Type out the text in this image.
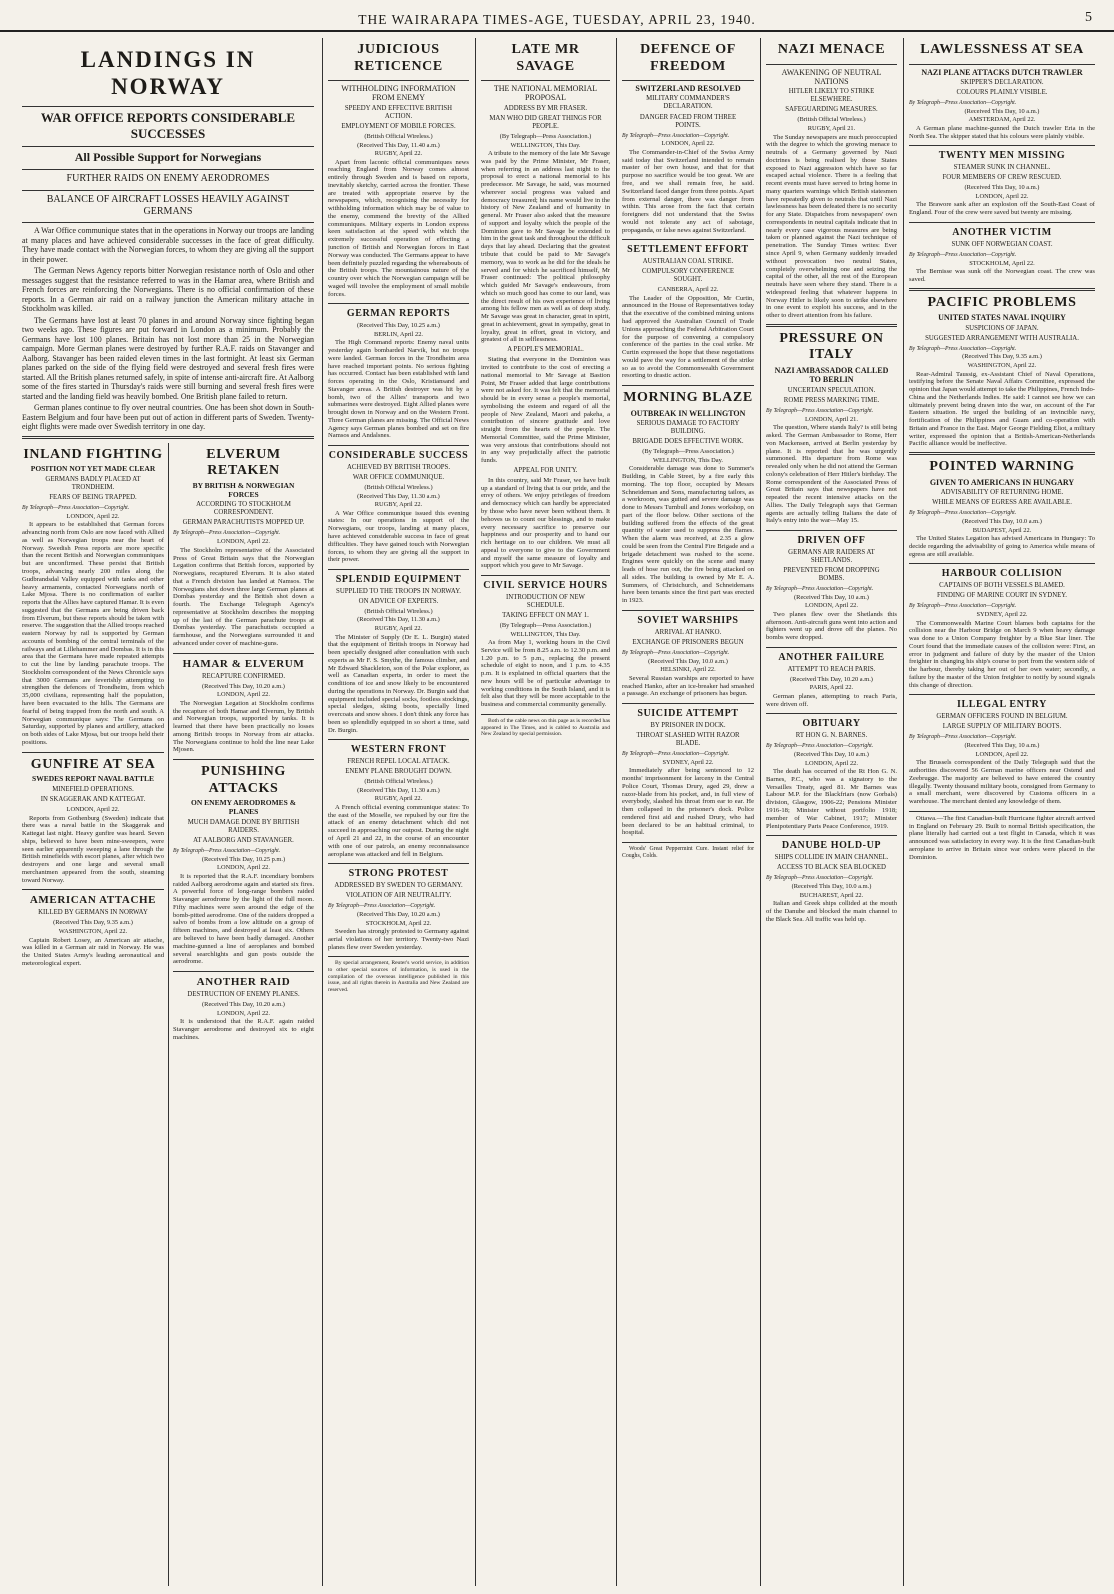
THE WAIRARAPA TIMES-AGE, TUESDAY, APRIL 23, 1940.	5
LANDINGS IN NORWAY
WAR OFFICE REPORTS CONSIDERABLE SUCCESSES
All Possible Support for Norwegians
FURTHER RAIDS ON ENEMY AERODROMES
BALANCE OF AIRCRAFT LOSSES HEAVILY AGAINST GERMANS

A War Office communique states that in the operations in Norway our troops are landing at many places and have achieved considerable successes in the face of great difficulty. They have made contact with the Norwegian forces, to whom they are giving all the support in their power.

The German News Agency reports bitter Norwegian resistance north of Oslo and other messages suggest that the resistance referred to was in the Hamar area, where British and French forces are reinforcing the Norwegians. There is no official confirmation of these reports. In a German air raid on a railway junction the American military attache in Stockholm was killed.

The Germans have lost at least 70 planes in and around Norway since fighting began two weeks ago. These figures are put forward in London as a minimum. Probably the Germans have lost 100 planes. Britain has not lost more than 25 in the Norwegian campaign. More German planes were destroyed by further R.A.F. raids on Stavanger and Aalborg. Stavanger has been raided eleven times in the last fortnight. At least six German planes parked on the side of the flying field were destroyed and several fresh fires were started. All the British planes returned safely, in spite of intense anti-aircraft fire. At Aalborg some of the fires started in Thursday's raids were still burning and several fresh fires were started and the landing field was heavily bombed. One British plane failed to return.

German planes continue to fly over neutral countries. One has been shot down in South-Eastern Belgium and four have been put out of action in different parts of Sweden. Twenty-eight flights were made over Swedish territory in one day.

INLAND FIGHTING
POSITION NOT YET MADE CLEAR
GERMANS BADLY PLACED AT TRONDHEIM.
FEARS OF BEING TRAPPED.
By Telegraph—Press Association—Copyright.
LONDON, April 22.

It appears to be established that German forces advancing north from Oslo are now faced with Allied as well as Norwegian troops near the heart of Norway. Swedish Press reports are more specific than the recent British and Norwegian communiques but are unconfirmed. These persist that British troops, advancing nearly 200 miles along the Gudbrandsdal Valley equipped with tanks and other heavy armaments, contacted Norwegians north of Lake Mjosa. There is no confirmation of earlier reports that the Allies have captured Hamar. It is even suggested that the Germans are being driven back from Elverum, but these reports should be taken with reserve. The suggestion that the Allied troops reached eastern Norway by rail is supported by German accounts of bombing of the central terminals of the railways and at Lillehammer and Dombas. It is in this area that the Germans have made repeated attempts to cut the line by landing parachute troops. The Stockholm correspondent of the News Chronicle says that 3000 Germans are feverishly attempting to strengthen the defences of Trondheim, from which 35,000 civilians, representing half the population, have been evacuated to the hills. The Germans are fearful of being trapped from the north and south. A Norwegian communique says: The Germans on Saturday, supported by planes and artillery, attacked on both sides of Lake Mjosa, but our troops held their positions.

GUNFIRE AT SEA
SWEDES REPORT NAVAL BATTLE
MINEFIELD OPERATIONS.
IN SKAGGERAK AND KATTEGAT.
LONDON, April 22.

Reports from Gothenburg (Sweden) indicate that there was a naval battle in the Skaggerak and Kattegat last night. Heavy gunfire was heard. Seven ships, believed to have been mine-sweepers, were seen earlier apparently sweeping a lane through the British minefields with escort planes, after which two destroyers and one large and several small merchantmen appeared from the south, steaming toward Norway.

AMERICAN ATTACHE
KILLED BY GERMANS IN NORWAY
(Received This Day, 9.35 a.m.)
WASHINGTON, April 22.

Captain Robert Losey, an American air attache, was killed in a German air raid in Norway. He was the United States Army's leading aeronautical and meteorological expert.

ELVERUM RETAKEN
BY BRITISH & NORWEGIAN FORCES
ACCORDING TO STOCKHOLM CORRESPONDENT.
GERMAN PARACHUTISTS MOPPED UP.
By Telegraph—Press Association—Copyright.
LONDON, April 22.

The Stockholm representative of the Associated Press of Great Britain says that the Norwegian Legation confirms that British forces, supported by Norwegians, recaptured Elverum. It is also stated that a French division has landed at Namsos. The Norwegians shot down three large German planes at Dombas yesterday and the British shot down a fourth. The Exchange Telegraph Agency's representative at Stockholm describes the mopping up of the last of the German parachute troops at Dombas yesterday. The parachutists occupied a farmhouse, and the Norwegians surrounded it and advanced under cover of machine-guns.

HAMAR & ELVERUM
RECAPTURE CONFIRMED.
(Received This Day, 10.20 a.m.)
LONDON, April 22.

The Norwegian Legation at Stockholm confirms the recapture of both Hamar and Elverum, by British and Norwegian troops, supported by tanks. It is learned that there have been practically no losses among British troops in Norway from air attacks. The Norwegians continue to hold the line near Lake Mjosen.

PUNISHING ATTACKS
ON ENEMY AERODROMES & PLANES
MUCH DAMAGE DONE BY BRITISH RAIDERS.
AT AALBORG AND STAVANGER.
By Telegraph—Press Association—Copyright.
(Received This Day, 10.25 p.m.)
LONDON, April 22.

It is reported that the R.A.F. incendiary bombers raided Aalborg aerodrome again and started six fires. A powerful force of long-range bombers raided Stavanger aerodrome by the light of the full moon. Fifty machines were seen around the edge of the bomb-pitted aerodrome. One of the raiders dropped a salvo of bombs from a low altitude on a group of fifteen machines, and destroyed at least six. Others are believed to have been badly damaged. Another machine-gunned a line of aeroplanes and bombed several searchlights and gun posts outside the aerodrome.

ANOTHER RAID
DESTRUCTION OF ENEMY PLANES.
(Received This Day, 10.20 a.m.)
LONDON, April 22.

It is understood that the R.A.F. again raided Stavanger aerodrome and destroyed six to eight machines.

JUDICIOUS RETICENCE
WITHHOLDING INFORMATION FROM ENEMY
SPEEDY AND EFFECTIVE BRITISH ACTION.
EMPLOYMENT OF MOBILE FORCES.
(British Official Wireless.)
(Received This Day, 11.40 a.m.)
RUGBY, April 22.

Apart from laconic official communiques news reaching England from Norway comes almost entirely through Sweden and is based on reports, inevitably sketchy, carried across the frontier. These are treated with appropriate reserve by the newspapers, which, recognising the necessity for withholding information which may be of value to the enemy, commend the brevity of the Allied communiques. Military experts in London express keen satisfaction at the speed with which the extremely successful operation of effecting a junction of British and Norwegian forces in East Norway was conducted. The Germans appear to have been definitely puzzled regarding the whereabouts of the British troops. The mountainous nature of the country over which the Norwegian campaign will be waged will involve the employment of small mobile forces.

GERMAN REPORTS
(Received This Day, 10.25 a.m.)
BERLIN, April 22.

The High Command reports: Enemy naval units yesterday again bombarded Narvik, but no troops were landed. German forces in the Trondheim area have reached important points. No serious fighting has occurred. Contact has been established with land forces operating in the Oslo, Kristiansand and Stavanger areas. A British destroyer was hit by a bomb, two of the Allies' transports and two submarines were destroyed. Eight Allied planes were brought down in Norway and on the Western Front. Three German planes are missing. The Official News Agency says German planes bombed and set on fire Namsos and Andalsnes.

CONSIDERABLE SUCCESS
ACHIEVED BY BRITISH TROOPS.
WAR OFFICE COMMUNIQUE.
(British Official Wireless.)
(Received This Day, 11.30 a.m.)
RUGBY, April 22.

A War Office communique issued this evening states: In our operations in support of the Norwegians, our troops, landing at many places, have achieved considerable success in face of great difficulties. They have gained touch with Norwegian forces, to whom they are giving all the support in their power.

SPLENDID EQUIPMENT
SUPPLIED TO THE TROOPS IN NORWAY.
ON ADVICE OF EXPERTS.
(British Official Wireless.)
(Received This Day, 11.30 a.m.)
RUGBY, April 22.

The Minister of Supply (Dr E. L. Burgin) stated that the equipment of British troops in Norway had been specially designed after consultation with such experts as Mr F. S. Smythe, the famous climber, and Mr Edward Shackleton, son of the Polar explorer, as well as Canadian experts, in order to meet the conditions of ice and snow likely to be encountered during the operations in Norway. Dr. Burgin said that equipment included special socks, footless stockings, special sledges, skiing boots, specially lined overcoats and snow shoes. I don't think any force has been so splendidly equipped in so short a time, said Dr. Burgin.

WESTERN FRONT
FRENCH REPEL LOCAL ATTACK.
ENEMY PLANE BROUGHT DOWN.
(British Official Wireless.)
(Received This Day, 11.30 a.m.)
RUGBY, April 22.

A French official evening communique states: To the east of the Moselle, we repulsed by our fire the attack of an enemy detachment which did not succeed in approaching our outpost. During the night of April 21 and 22, in the course of an encounter with one of our patrols, an enemy reconnaissance aeroplane was attacked and fell in Belgium.

STRONG PROTEST
ADDRESSED BY SWEDEN TO GERMANY.
VIOLATION OF AIR NEUTRALITY.
By Telegraph—Press Association—Copyright.
(Received This Day, 10.20 a.m.)
STOCKHOLM, April 22.

Sweden has strongly protested to Germany against aerial violations of her territory. Twenty-two Nazi planes flew over Sweden yesterday.

By special arrangement, Reuter's world service, in addition to other special sources of information, is used in the compilation of the overseas intelligence published in this issue, and all rights therein in Australia and New Zealand are reserved.

LATE MR SAVAGE
THE NATIONAL MEMORIAL PROPOSAL
ADDRESS BY MR FRASER.
MAN WHO DID GREAT THINGS FOR PEOPLE.
(By Telegraph—Press Association.)
WELLINGTON, This Day.

A tribute to the memory of the late Mr Savage was paid by the Prime Minister, Mr Fraser, when referring in an address last night to the proposal to erect a national memorial to his predecessor. Mr Savage, he said, was mourned wherever social progress was valued and democracy treasured; his name would live in the history of New Zealand and of humanity in general. Mr Fraser also asked that the measure of support and loyalty which the people of the Dominion gave to Mr Savage be extended to him in the great task and throughout the difficult days that lay ahead. Declaring that the greatest tribute that could be paid to Mr Savage's memory, was to work as he did for the ideals he served and for which he sacrificed himself, Mr Fraser continued: The political philosophy which guided Mr Savage's endeavours, from which so much good has come to our land, was the direct result of his own experience of living among his fellow men as well as of deep study. Mr Savage was great in character, great in spirit, great in achievement, great in sympathy, great in loyalty, great in effort, great in victory, and greatest of all in selflessness.

A PEOPLE'S MEMORIAL.

Stating that everyone in the Dominion was invited to contribute to the cost of erecting a national memorial to Mr Savage at Bastion Point, Mr Fraser added that large contributions were not asked for. It was felt that the memorial should be in every sense a people's memorial, symbolising the esteem and regard of all the people of New Zealand, Maori and pakeha, a contribution of sincere gratitude and love straight from the hearts of the people. The Memorial Committee, said the Prime Minister, was very anxious that contributions should not in any way prejudicially affect the patriotic funds.

APPEAL FOR UNITY.

In this country, said Mr Fraser, we have built up a standard of living that is our pride, and the envy of others. We enjoy privileges of freedom and democracy which can hardly be appreciated by those who have never been without them. It behoves us to count our blessings, and to make every necessary sacrifice to preserve our happiness and our prosperity and to hand our rich heritage on to our children. We must all appeal to everyone to give to the Government and myself the same measure of loyalty and support which you gave to Mr Savage.

CIVIL SERVICE HOURS
INTRODUCTION OF NEW SCHEDULE.
TAKING EFFECT ON MAY 1.
(By Telegraph—Press Association.)
WELLINGTON, This Day.

As from May 1, working hours in the Civil Service will be from 8.25 a.m. to 12.30 p.m. and 1.20 p.m. to 5 p.m., replacing the present schedule of eight to noon, and 1 p.m. to 4.35 p.m. It is explained in official quarters that the new hours will be of particular advantage to working conditions in the South Island, and it is felt also that they will be more acceptable to the business and commercial community generally.

Both of the cable news on this page as is recorded has appeared in The Times, and is cabled to Australia and New Zealand by special permission.

DEFENCE OF FREEDOM
SWITZERLAND RESOLVED
MILITARY COMMANDER'S DECLARATION.
DANGER FACED FROM THREE POINTS.
By Telegraph—Press Association—Copyright.
LONDON, April 22.

The Commander-in-Chief of the Swiss Army said today that Switzerland intended to remain master of her own house, and that for that purpose no sacrifice would be too great. We are free, and we shall remain free, he said. Switzerland faced danger from three points. Apart from external danger, there was danger from within. This arose from the fact that certain foreigners did not understand that the Swiss would not tolerate any act of sabotage, propaganda, or false news against Switzerland.

SETTLEMENT EFFORT
AUSTRALIAN COAL STRIKE.
COMPULSORY CONFERENCE SOUGHT.
CANBERRA, April 22.

The Leader of the Opposition, Mr Curtin, announced in the House of Representatives today that the executive of the combined mining unions had approved the Australian Council of Trade Unions approaching the Federal Arbitration Court for the purpose of convening a compulsory conference of the parties in the coal strike. Mr Curtin expressed the hope that these negotiations would pave the way for a settlement of the strike so as to avoid the Commonwealth Government resorting to drastic action.

MORNING BLAZE
OUTBREAK IN WELLINGTON
SERIOUS DAMAGE TO FACTORY BUILDING.
BRIGADE DOES EFFECTIVE WORK.
(By Telegraph—Press Association.)
WELLINGTON, This Day.

Considerable damage was done to Summer's Building, in Cable Street, by a fire early this morning. The top floor, occupied by Messrs Schneideman and Sons, manufacturing tailors, as a workroom, was gutted and severe damage was done to Messrs Turnbull and Jones workshop, on part of the floor below. Other sections of the building suffered from the effects of the great quantity of water used to suppress the flames. When the alarm was received, at 2.35 a glow could be seen from the Central Fire Brigade and a brigade detachment was rushed to the scene. Engines were quickly on the scene and many leads of hose run out, the fire being attacked on all sides. The building is owned by Mr E. A. Summers, of Christchurch, and Schneidemans have been tenants since the first part was erected in 1923.

SOVIET WARSHIPS
ARRIVAL AT HANKO.
EXCHANGE OF PRISONERS BEGUN
By Telegraph—Press Association—Copyright.
(Received This Day, 10.0 a.m.)
HELSINKI, April 22.

Several Russian warships are reported to have reached Hanko, after an ice-breaker had smashed a passage. An exchange of prisoners has begun.

SUICIDE ATTEMPT
BY PRISONER IN DOCK.
THROAT SLASHED WITH RAZOR BLADE.
By Telegraph—Press Association—Copyright.
SYDNEY, April 22.

Immediately after being sentenced to 12 months' imprisonment for larceny in the Central Police Court, Thomas Drury, aged 29, drew a razor-blade from his pocket, and, in full view of everybody, slashed his throat from ear to ear. He then collapsed in the prisoner's dock. Police rendered first aid and rushed Drury, who had been declared to be an habitual criminal, to hospital.

Woods' Great Peppermint Cure. Instant relief for Coughs, Colds.

NAZI MENACE
AWAKENING OF NEUTRAL NATIONS
HITLER LIKELY TO STRIKE ELSEWHERE.
SAFEGUARDING MEASURES.
(British Official Wireless.)
RUGBY, April 21.

The Sunday newspapers are much preoccupied with the degree to which the growing menace to neutrals of a Germany governed by Nazi doctrines is being realised by those States exposed to Nazi aggression which have so far escaped actual violence. There is a feeling that recent events must have served to bring home in many quarters warnings which British statesmen have repeatedly given to neutrals that until Nazi lawlessness has been defeated there is no security for any State. Dispatches from newspapers' own correspondents in neutral capitals indicate that in nearly every case vigorous measures are being taken or planned against the Nazi technique of penetration. The Sunday Times writes: Ever since April 9, when Germany suddenly invaded without provocation two neutral States, completely overwhelming one and seizing the capital of the other, all the rest of the European neutrals have seen where they stand. There is a widespread feeling that whatever happens in Norway Hitler is likely soon to strike elsewhere in one event to exploit his success, and in the other to divert attention from his failure.

PRESSURE ON ITALY
NAZI AMBASSADOR CALLED TO BERLIN
UNCERTAIN SPECULATION.
ROME PRESS MARKING TIME.
By Telegraph—Press Association—Copyright.
LONDON, April 21.

The question, Where stands Italy? is still being asked. The German Ambassador to Rome, Herr von Mackensen, arrived at Berlin yesterday by plane. It is reported that he was urgently summoned. His departure from Rome was revealed only when he did not attend the German colony's celebration of Herr Hitler's birthday. The Rome correspondent of the Associated Press of Great Britain says that newspapers have not repeated the recent intensive attacks on the Allies. The Daily Telegraph says that German agents are actually telling Italians the date of Italy's entry into the war—May 15.

DRIVEN OFF
GERMANS AIR RAIDERS AT SHETLANDS.
PREVENTED FROM DROPPING BOMBS.
By Telegraph—Press Association—Copyright.
(Received This Day, 10 a.m.)
LONDON, April 22.

Two planes flew over the Shetlands this afternoon. Anti-aircraft guns went into action and fighters went up and drove off the planes. No bombs were dropped.

ANOTHER FAILURE
ATTEMPT TO REACH PARIS.
(Received This Day, 10.20 a.m.)
PARIS, April 22.

German planes, attempting to reach Paris, were driven off.

OBITUARY
RT HON G. N. BARNES.
By Telegraph—Press Association—Copyright.
(Received This Day, 10 a.m.)
LONDON, April 22.

The death has occurred of the Rt Hon G. N. Barnes, P.C., who was a signatory to the Versailles Treaty, aged 81. Mr Barnes was Labour M.P. for the Blackfriars (now Gorbals) division, Glasgow, 1906-22; Pensions Minister 1916-18; Minister without portfolio 1918; member of War Cabinet, 1917; Minister Plenipotentiary Paris Peace Conference, 1919.

DANUBE HOLD-UP
SHIPS COLLIDE IN MAIN CHANNEL.
ACCESS TO BLACK SEA BLOCKED
By Telegraph—Press Association—Copyright.
(Received This Day, 10.0 a.m.)
BUCHAREST, April 22.

Italian and Greek ships collided at the mouth of the Danube and blocked the main channel to the Black Sea. All traffic was held up.

LAWLESSNESS AT SEA
NAZI PLANE ATTACKS DUTCH TRAWLER
SKIPPER'S DECLARATION.
COLOURS PLAINLY VISIBLE.
By Telegraph—Press Association—Copyright.
(Received This Day, 10 a.m.)
AMSTERDAM, April 22.

A German plane machine-gunned the Dutch trawler Eria in the North Sea. The skipper stated that his colours were plainly visible.

TWENTY MEN MISSING
STEAMER SUNK IN CHANNEL.
FOUR MEMBERS OF CREW RESCUED.
(Received This Day, 10 a.m.)
LONDON, April 22.

The Brawore sank after an explosion off the South-East Coast of England. Four of the crew were saved but twenty are missing.

ANOTHER VICTIM
SUNK OFF NORWEGIAN COAST.
By Telegraph—Press Association—Copyright.
STOCKHOLM, April 22.

The Bernisse was sunk off the Norwegian coast. The crew was saved.

PACIFIC PROBLEMS
UNITED STATES NAVAL INQUIRY
SUSPICIONS OF JAPAN.
SUGGESTED ARRANGEMENT WITH AUSTRALIA.
By Telegraph—Press Association—Copyright.
(Received This Day, 9.35 a.m.)
WASHINGTON, April 22.

Rear-Admiral Taussig, ex-Assistant Chief of Naval Operations, testifying before the Senate Naval Affairs Committee, expressed the opinion that Japan would attempt to take the Philippines, French Indo-China and the Netherlands Indies. He said: I cannot see how we can ultimately prevent being drawn into the war, on account of the Far Eastern situation. He urged the building of an invincible navy, fortification of the Philippines and Guam and co-operation with Britain and France in the East. Major George Fielding Eliot, a military writer, expressed the opinion that a British-American-Netherlands Pacific alliance would be ineffective.

POINTED WARNING
GIVEN TO AMERICANS IN HUNGARY
ADVISABILITY OF RETURNING HOME.
WHILE MEANS OF EGRESS ARE AVAILABLE.
By Telegraph—Press Association—Copyright.
(Received This Day, 10.0 a.m.)
BUDAPEST, April 22.

The United States Legation has advised Americans in Hungary: To decide regarding the advisability of going to America while means of egress are still available.

HARBOUR COLLISION
CAPTAINS OF BOTH VESSELS BLAMED.
FINDING OF MARINE COURT IN SYDNEY.
By Telegraph—Press Association—Copyright.
SYDNEY, April 22.

The Commonwealth Marine Court blames both captains for the collision near the Harbour Bridge on March 9 when heavy damage was done to a Union Company freighter by a Blue Star liner. The Court found that the immediate causes of the collision were: First, an error in judgment and failure of duty by the master of the Union freighter in changing his ship's course to port from the western side of the harbour, thereby taking her out of her own water; secondly, a failure by the master of the Union freighter to notify by sound signals this change of direction.

ILLEGAL ENTRY
GERMAN OFFICERS FOUND IN BELGIUM.
LARGE SUPPLY OF MILITARY BOOTS.
By Telegraph—Press Association—Copyright.
(Received This Day, 10 a.m.)
LONDON, April 22.

The Brussels correspondent of the Daily Telegraph said that the authorities discovered 56 German marine officers near Ostend and Zeebrugge. The majority are believed to have entered the country illegally. Twenty thousand military boots, consigned from Germany to a small merchant, were discovered by Customs officers in a warehouse. The merchant denied any knowledge of them.

Ottawa.—The first Canadian-built Hurricane fighter aircraft arrived in England on February 29. Built to normal British specification, the plane literally had carried out a test flight in Canada, which it was announced was satisfactory in every way. It is the first Canadian-built aeroplane to arrive in Britain since war orders were placed in the Dominion.
